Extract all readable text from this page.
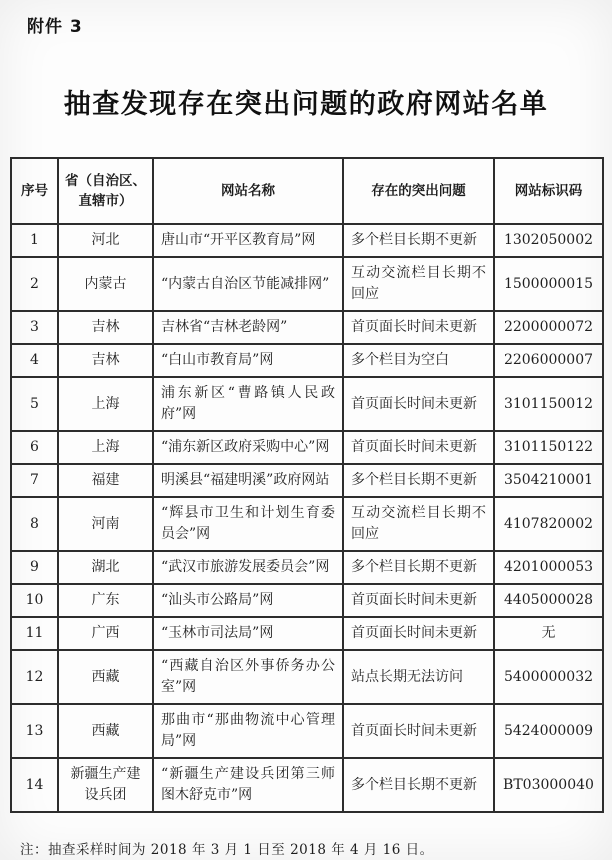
附件 3
抽查发现存在突出问题的政府网站名单
序号	省（自治区、直辖市）	网站名称	存在的突出问题	网站标识码
1	河北	唐山市“开平区教育局”网	多个栏目长期不更新	1302050002
2	内蒙古	“内蒙古自治区节能减排网”	互动交流栏目长期不回应	1500000015
3	吉林	吉林省“吉林老龄网”	首页面长时间未更新	2200000072
4	吉林	“白山市教育局”网	多个栏目为空白	2206000007
5	上海	浦东新区“曹路镇人民政府”网	首页面长时间未更新	3101150012
6	上海	“浦东新区政府采购中心”网	首页面长时间未更新	3101150122
7	福建	明溪县“福建明溪”政府网站	多个栏目长期不更新	3504210001
8	河南	“辉县市卫生和计划生育委员会”网	互动交流栏目长期不回应	4107820002
9	湖北	“武汉市旅游发展委员会”网	多个栏目长期不更新	4201000053
10	广东	“汕头市公路局”网	首页面长时间未更新	4405000028
11	广西	“玉林市司法局”网	首页面长时间未更新	无
12	西藏	“西藏自治区外事侨务办公室”网	站点长期无法访问	5400000032
13	西藏	那曲市“那曲物流中心管理局”网	首页面长时间未更新	5424000009
14	新疆生产建设兵团	“新疆生产建设兵团第三师图木舒克市”网	多个栏目长期不更新	BT03000040
注：抽查采样时间为 2018 年 3 月 1 日至 2018 年 4 月 16 日。
